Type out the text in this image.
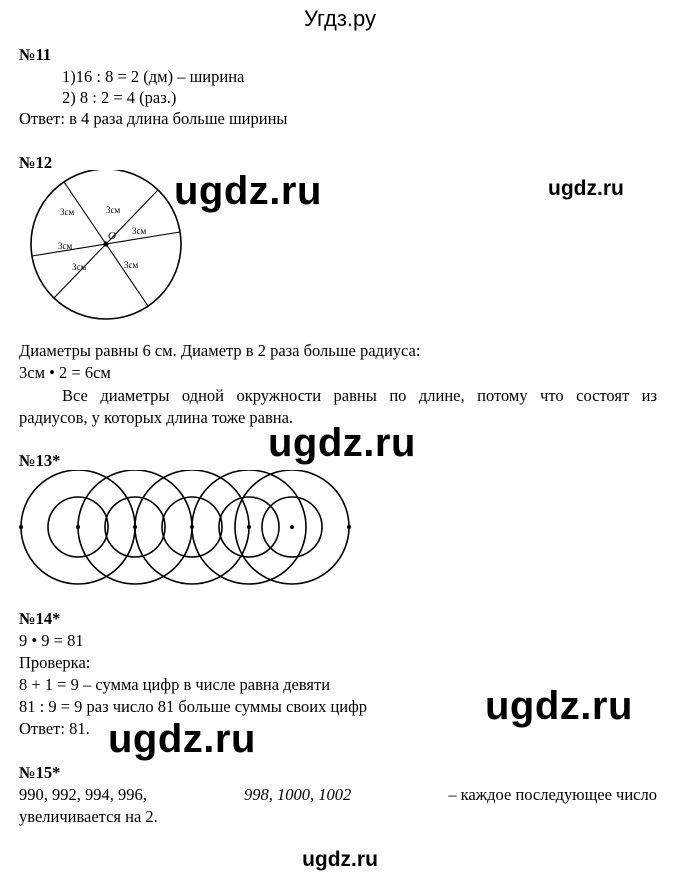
Угдз.ру
№11
1)16 : 8 = 2 (дм) – ширина
2) 8 : 2 = 4 (раз.)
Ответ: в 4 раза длина больше ширины
№12
O
3см	3см
3см
3см
3см	3см
ugdz.ru	ugdz.ru
Диаметры равны 6 см. Диаметр в 2 раза больше радиуса:
3см • 2 = 6см
Все диаметры одной окружности равны по длине, потому что состоят из
радиусов, у которых длина тоже равна.
ugdz.ru
№13*
№14*
9 • 9 = 81
Проверка:
8 + 1 = 9 – сумма цифр в числе равна девяти
81 : 9 = 9 раз число 81 больше суммы своих цифр
Ответ: 81.
ugdz.ru
ugdz.ru
№15*
990, 992, 994, 996,	998, 1000, 1002	– каждое последующее число
увеличивается на 2.
ugdz.ru
